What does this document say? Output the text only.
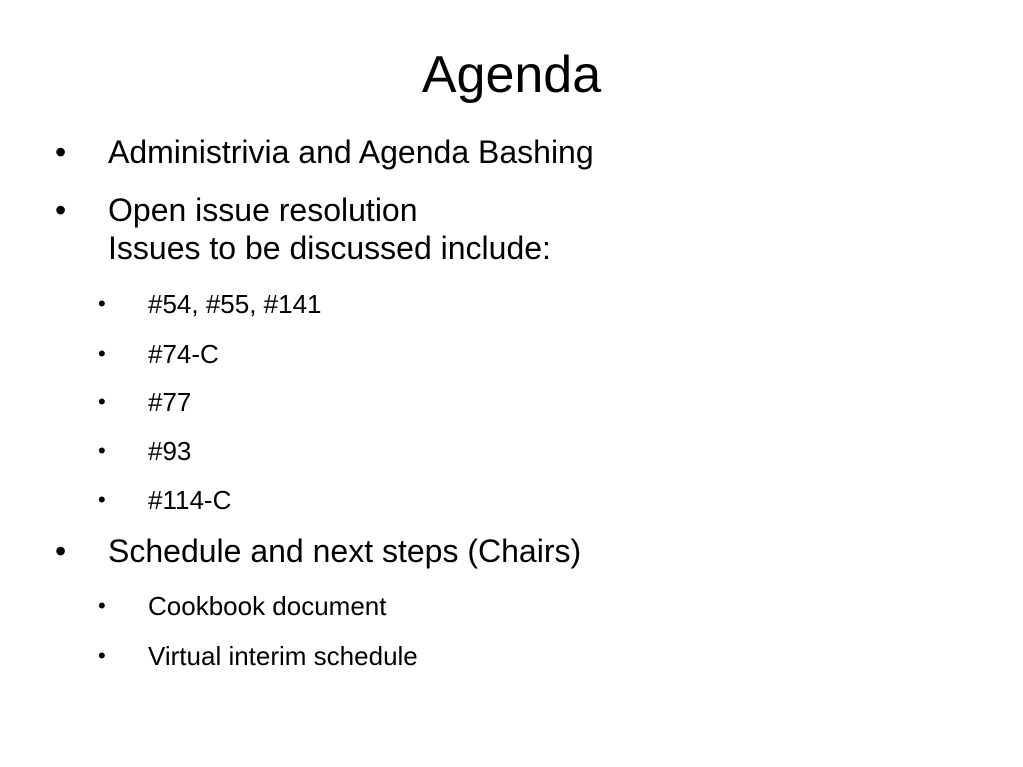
Agenda
• Administrivia and Agenda Bashing
• Open issue resolution
Issues to be discussed include:
• #54, #55, #141
• #74-C
• #77
• #93
• #114-C
• Schedule and next steps (Chairs)
• Cookbook document
• Virtual interim schedule
